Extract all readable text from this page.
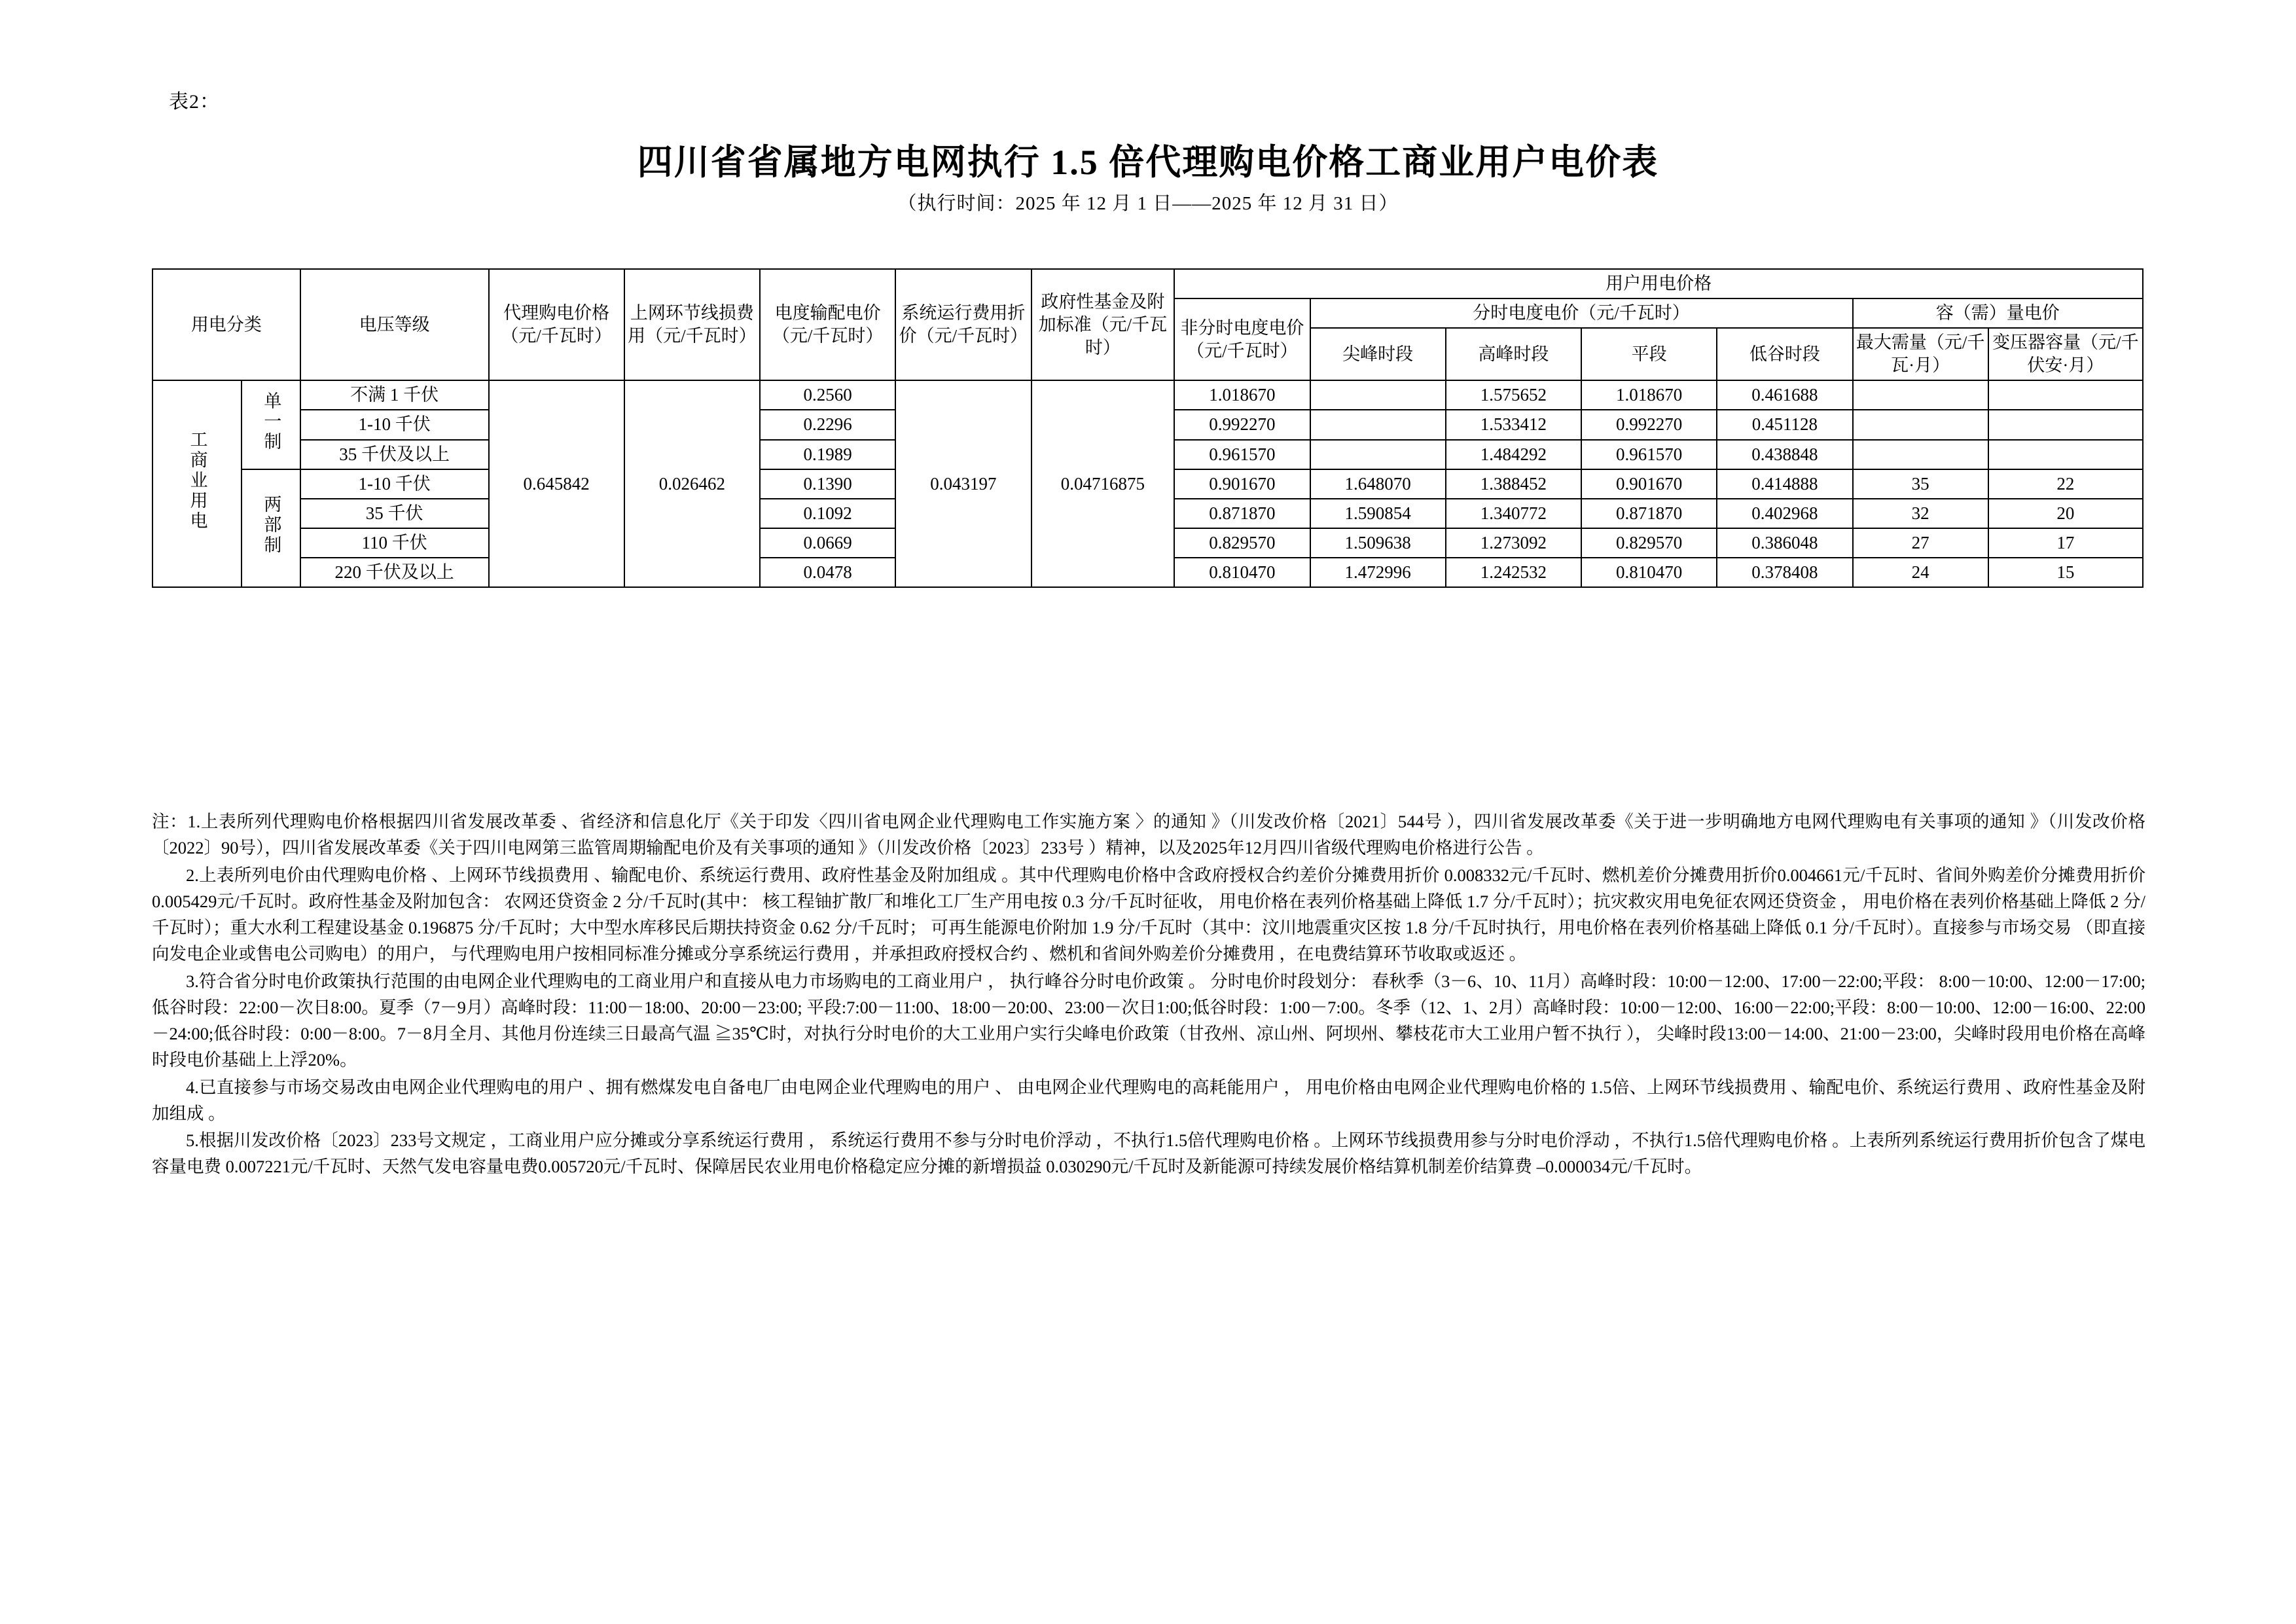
表2：
四川省省属地方电网执行 1.5 倍代理购电价格工商业用户电价表
（执行时间：2025 年 12 月 1 日——2025 年 12 月 31 日）
用电分类		电压等级	代理购电价格（元/千瓦时）	上网环节线损费用（元/千瓦时）	电度输配电价（元/千瓦时）	系统运行费用折价（元/千瓦时）	政府性基金及附加标准（元/千瓦时）	用户用电价格						
								非分时电度电价（元/千瓦时）	分时电度电价（元/千瓦时）				容（需）量电价	
									尖峰时段	高峰时段	平段	低谷时段	最大需量（元/千瓦·月）	变压器容量（元/千伏安·月）
工商业用电	单一制	不满 1 千伏	0.645842	0.026462	0.2560	0.043197	0.04716875	1.018670		1.575652	1.018670	0.461688		
		1-10 千伏			0.2296			0.992270		1.533412	0.992270	0.451128		
		35 千伏及以上			0.1989			0.961570		1.484292	0.961570	0.438848		
	两部制	1-10 千伏			0.1390			0.901670	1.648070	1.388452	0.901670	0.414888	35	22
		35 千伏			0.1092			0.871870	1.590854	1.340772	0.871870	0.402968	32	20
		110 千伏			0.0669			0.829570	1.509638	1.273092	0.829570	0.386048	27	17
		220 千伏及以上			0.0478			0.810470	1.472996	1.242532	0.810470	0.378408	24	15

注：1.上表所列代理购电价格根据四川省发展改革委 、省经济和信息化厅《关于印发〈四川省电网企业代理购电工作实施方案 〉的通知 》（川发改价格〔2021〕544号 ），四川省发展改革委《关于进一步明确地方电网代理购电有关事项的通知 》（川发改价格〔2022〕90号），四川省发展改革委《关于四川电网第三监管周期输配电价及有关事项的通知 》（川发改价格〔2023〕233号 ）精神，以及2025年12月四川省级代理购电价格进行公告 。

2.上表所列电价由代理购电价格 、上网环节线损费用 、输配电价、系统运行费用、政府性基金及附加组成 。其中代理购电价格中含政府授权合约差价分摊费用折价 0.008332元/千瓦时、燃机差价分摊费用折价0.004661元/千瓦时、省间外购差价分摊费用折价 0.005429元/千瓦时。政府性基金及附加包含： 农网还贷资金 2 分/千瓦时(其中： 核工程铀扩散厂和堆化工厂生产用电按 0.3 分/千瓦时征收， 用电价格在表列价格基础上降低 1.7 分/千瓦时）；抗灾救灾用电免征农网还贷资金 ， 用电价格在表列价格基础上降低 2 分/千瓦时）；重大水利工程建设基金 0.196875 分/千瓦时；大中型水库移民后期扶持资金 0.62 分/千瓦时； 可再生能源电价附加 1.9 分/千瓦时（其中：汶川地震重灾区按 1.8 分/千瓦时执行，用电价格在表列价格基础上降低 0.1 分/千瓦时）。直接参与市场交易 （即直接向发电企业或售电公司购电）的用户， 与代理购电用户按相同标准分摊或分享系统运行费用 ，并承担政府授权合约 、燃机和省间外购差价分摊费用 ，在电费结算环节收取或返还 。

3.符合省分时电价政策执行范围的由电网企业代理购电的工商业用户和直接从电力市场购电的工商业用户 ， 执行峰谷分时电价政策 。 分时电价时段划分： 春秋季（3－6、10、11月）高峰时段：10:00－12:00、17:00－22:00;平段： 8:00－10:00、12:00－17:00;低谷时段：22:00－次日8:00。夏季（7－9月）高峰时段：11:00－18:00、20:00－23:00; 平段:7:00－11:00、18:00－20:00、23:00－次日1:00;低谷时段：1:00－7:00。冬季（12、1、2月）高峰时段：10:00－12:00、16:00－22:00;平段：8:00－10:00、12:00－16:00、22:00－24:00;低谷时段：0:00－8:00。7－8月全月、其他月份连续三日最高气温 ≧35℃时，对执行分时电价的大工业用户实行尖峰电价政策（甘孜州、凉山州、阿坝州、攀枝花市大工业用户暂不执行 ）， 尖峰时段13:00－14:00、21:00－23:00，尖峰时段用电价格在高峰时段电价基础上上浮20%。

4.已直接参与市场交易改由电网企业代理购电的用户 、拥有燃煤发电自备电厂由电网企业代理购电的用户 、 由电网企业代理购电的高耗能用户 ， 用电价格由电网企业代理购电价格的 1.5倍、上网环节线损费用 、输配电价、系统运行费用 、政府性基金及附加组成 。

5.根据川发改价格〔2023〕233号文规定 ，工商业用户应分摊或分享系统运行费用 ， 系统运行费用不参与分时电价浮动 ，不执行1.5倍代理购电价格 。上网环节线损费用参与分时电价浮动 ，不执行1.5倍代理购电价格 。上表所列系统运行费用折价包含了煤电容量电费 0.007221元/千瓦时、天然气发电容量电费0.005720元/千瓦时、保障居民农业用电价格稳定应分摊的新增损益 0.030290元/千瓦时及新能源可持续发展价格结算机制差价结算费 –0.000034元/千瓦时。
